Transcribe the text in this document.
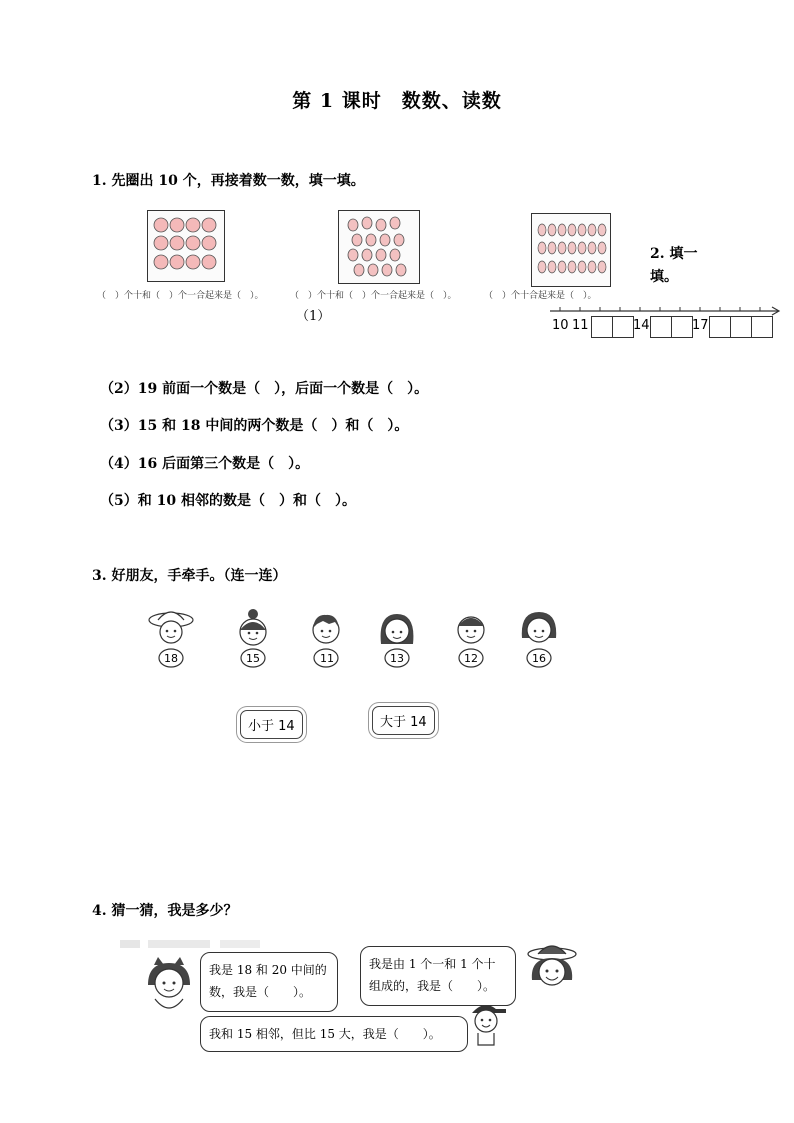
第 1 课时　数数、读数
1. 先圈出 10 个，再接着数一数，填一填。
（　）个十和（　）个一合起来是（　）。	（　）个十和（　）个一合起来是（　）。	（　）个十合起来是（　）。
（1）
2. 填一
填。
10 11	14	17
（2）19 前面一个数是（　），后面一个数是（　）。
（3）15 和 18 中间的两个数是（　）和（　）。
（4）16 后面第三个数是（　）。
（5）和 10 相邻的数是（　）和（　）。
3. 好朋友，手牵手。（连一连）
18	15	11	13	12	16
小于 14	大于 14
4. 猜一猜，我是多少？
我是 18 和 20 中间的
数，我是（　　）。
我是由 1 个一和 1 个十
组成的，我是（　　）。
我和 15 相邻，但比 15 大，我是（　　）。
